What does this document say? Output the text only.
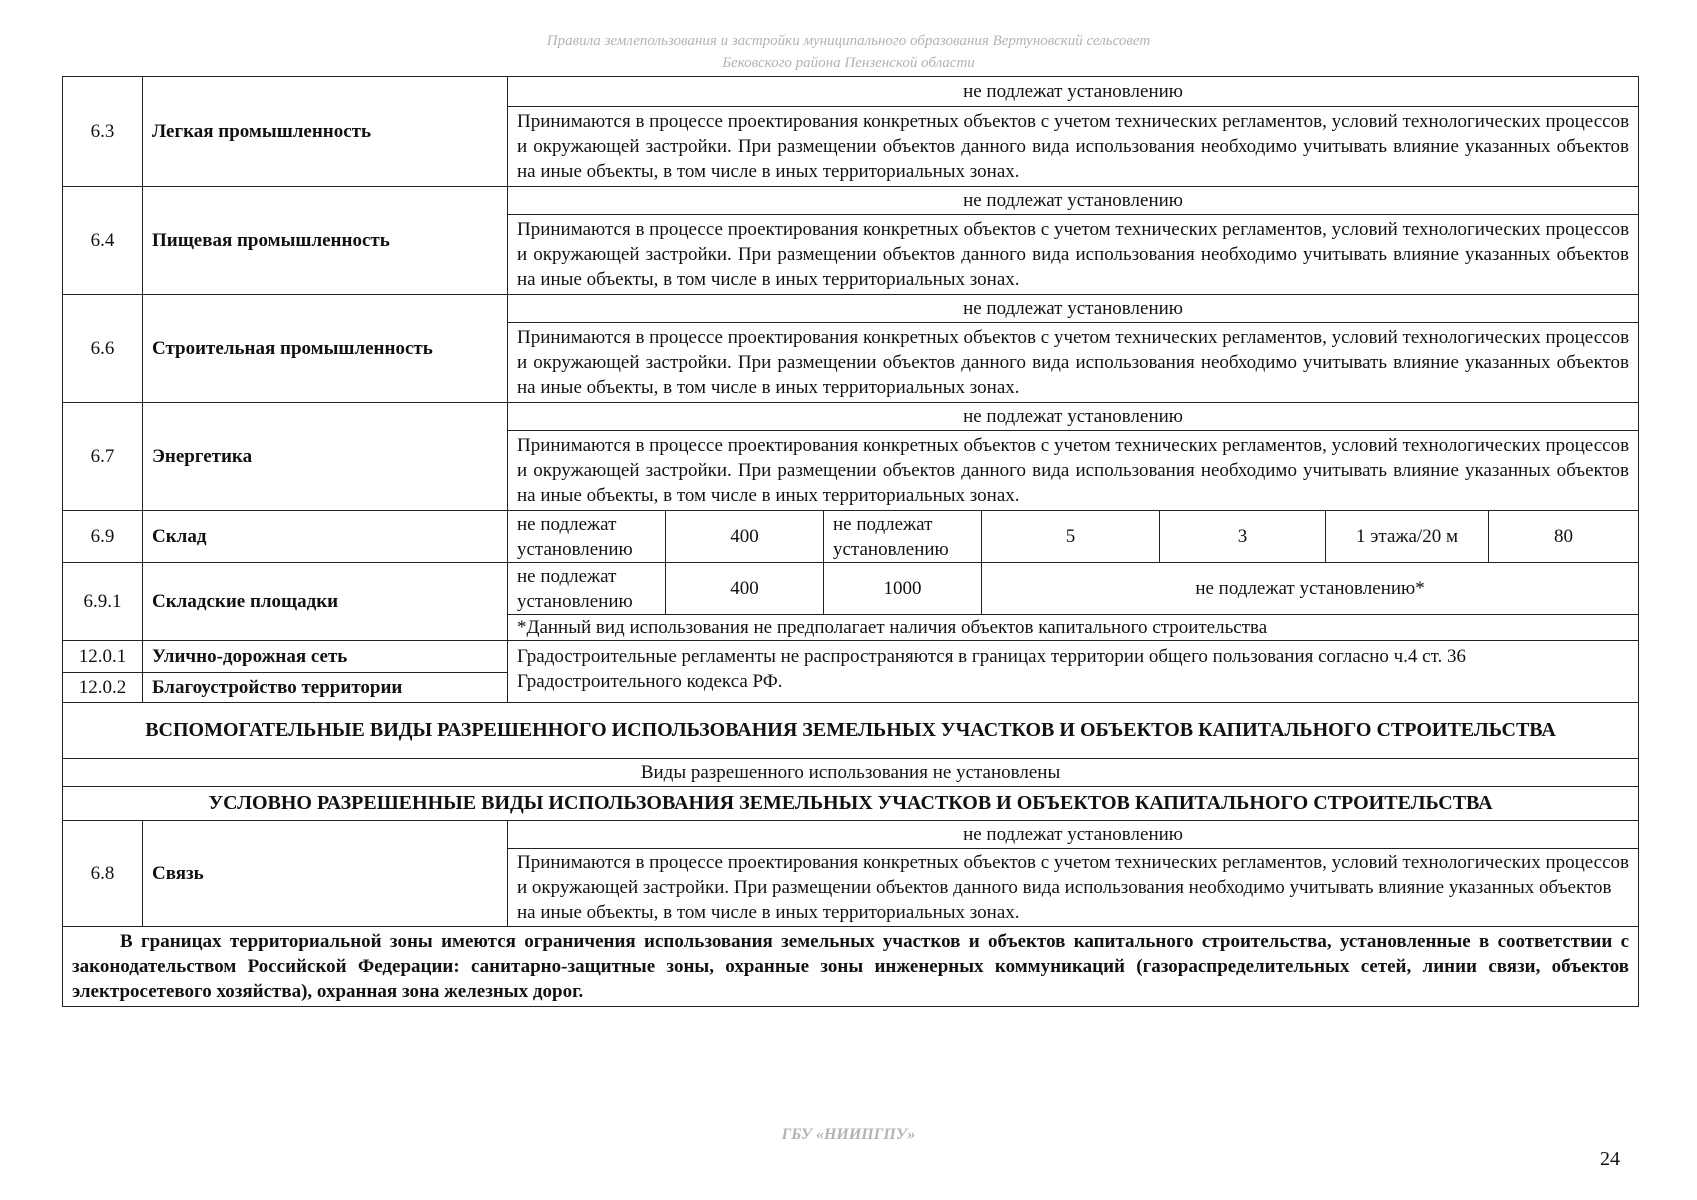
Правила землепользования и застройки муниципального образования Вертуновский сельсовет
Бековского района Пензенской области
6.3	Легкая промышленность	не подлежат установлению						
		Принимаются в процессе проектирования конкретных объектов с учетом технических регламентов, условий технологических процессов и окружающей застройки. При размещении объектов данного вида использования необходимо учитывать влияние указанных объектов на иные объекты, в том числе в иных территориальных зонах.						
6.4	Пищевая промышленность	не подлежат установлению						
		Принимаются в процессе проектирования конкретных объектов с учетом технических регламентов, условий технологических процессов и окружающей застройки. При размещении объектов данного вида использования необходимо учитывать влияние указанных объектов на иные объекты, в том числе в иных территориальных зонах.						
6.6	Строительная промышленность	не подлежат установлению						
		Принимаются в процессе проектирования конкретных объектов с учетом технических регламентов, условий технологических процессов и окружающей застройки. При размещении объектов данного вида использования необходимо учитывать влияние указанных объектов на иные объекты, в том числе в иных территориальных зонах.						
6.7	Энергетика	не подлежат установлению						
		Принимаются в процессе проектирования конкретных объектов с учетом технических регламентов, условий технологических процессов и окружающей застройки. При размещении объектов данного вида использования необходимо учитывать влияние указанных объектов на иные объекты, в том числе в иных территориальных зонах.						
6.9	Склад	не подлежат установлению	400	не подлежат установлению	5	3	1 этажа/20 м	80
6.9.1	Складские площадки	не подлежат установлению	400	1000	не подлежат установлению*			
		*Данный вид использования не предполагает наличия объектов капитального строительства						
12.0.1	Улично-дорожная сеть	Градостроительные регламенты не распространяются в границах территории общего пользования согласно ч.4 ст. 36 Градостроительного кодекса РФ.						
12.0.2	Благоустройство территории							
ВСПОМОГАТЕЛЬНЫЕ ВИДЫ РАЗРЕШЕННОГО ИСПОЛЬЗОВАНИЯ ЗЕМЕЛЬНЫХ УЧАСТКОВ И ОБЪЕКТОВ КАПИТАЛЬНОГО СТРОИТЕЛЬСТВА								
Виды разрешенного использования не установлены								
УСЛОВНО РАЗРЕШЕННЫЕ ВИДЫ ИСПОЛЬЗОВАНИЯ ЗЕМЕЛЬНЫХ УЧАСТКОВ И ОБЪЕКТОВ КАПИТАЛЬНОГО СТРОИТЕЛЬСТВА								
6.8	Связь	не подлежат установлению						
		Принимаются в процессе проектирования конкретных объектов с учетом технических регламентов, условий технологических процессов и окружающей застройки. При размещении объектов данного вида использования необходимо учитывать влияние указанных объектов на иные объекты, в том числе в иных территориальных зонах.						
В границах территориальной зоны имеются ограничения использования земельных участков и объектов капитального строительства, установленные в соответствии с законодательством Российской Федерации: санитарно-защитные зоны, охранные зоны инженерных коммуникаций (газораспределительных сетей, линии связи, объектов электросетевого хозяйства), охранная зона железных дорог.								
ГБУ «НИИПГПУ»
24
